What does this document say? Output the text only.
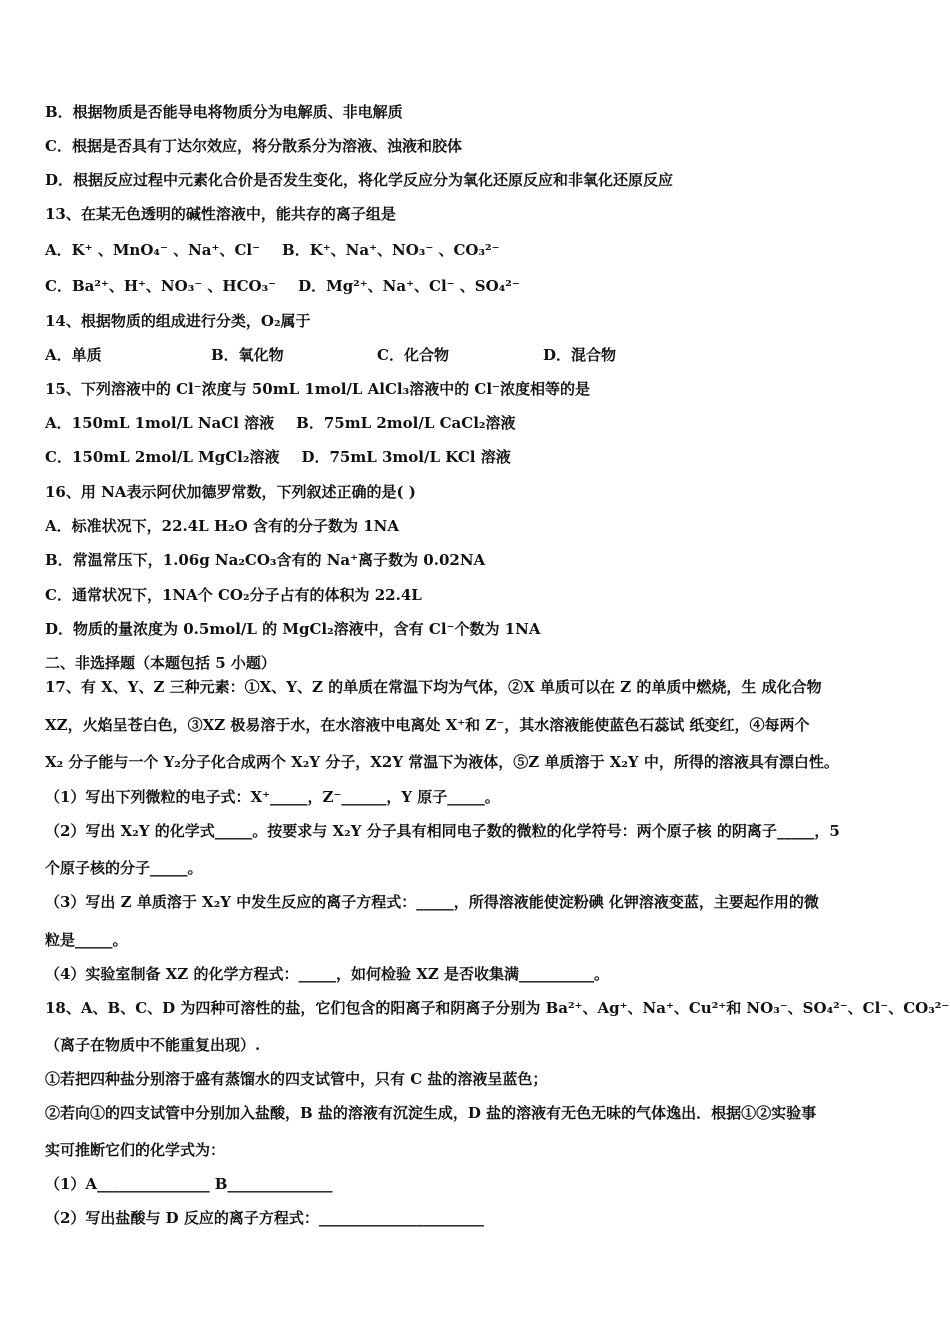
B．根据物质是否能导电将物质分为电解质、非电解质
C．根据是否具有丁达尔效应，将分散系分为溶液、浊液和胶体
D．根据反应过程中元素化合价是否发生变化，将化学反应分为氧化还原反应和非氧化还原反应
13、在某无色透明的碱性溶液中，能共存的离子组是
A．K⁺ 、MnO₄⁻ 、Na⁺、Cl⁻ B．K⁺、Na⁺、NO₃⁻ 、CO₃²⁻
C．Ba²⁺、H⁺、NO₃⁻ 、HCO₃⁻ D．Mg²⁺、Na⁺、Cl⁻ 、SO₄²⁻
14、根据物质的组成进行分类，O₂属于
A．单质	B．氧化物	C．化合物	D．混合物
15、下列溶液中的 Cl⁻浓度与 50mL 1mol/L AlCl₃溶液中的 Cl⁻浓度相等的是
A．150mL 1mol/L NaCl 溶液 B．75mL 2mol/L CaCl₂溶液
C．150mL 2mol/L MgCl₂溶液 D．75mL 3mol/L KCl 溶液
16、用 NA表示阿伏加德罗常数，下列叙述正确的是( )
A．标准状况下，22.4L H₂O 含有的分子数为 1NA
B．常温常压下，1.06g Na₂CO₃含有的 Na⁺离子数为 0.02NA
C．通常状况下，1NA个 CO₂分子占有的体积为 22.4L
D．物质的量浓度为 0.5mol/L 的 MgCl₂溶液中，含有 Cl⁻个数为 1NA
二、非选择题（本题包括 5 小题）
17、有 X、Y、Z 三种元素：①X、Y、Z 的单质在常温下均为气体，②X 单质可以在 Z 的单质中燃烧，生 成化合物
XZ，火焰呈苍白色，③XZ 极易溶于水，在水溶液中电离处 X⁺和 Z⁻，其水溶液能使蓝色石蕊试 纸变红，④每两个
X₂ 分子能与一个 Y₂分子化合成两个 X₂Y 分子，X2Y 常温下为液体，⑤Z 单质溶于 X₂Y 中，所得的溶液具有漂白性。
（1）写出下列微粒的电子式：X⁺_____，Z⁻______，Y 原子_____。
（2）写出 X₂Y 的化学式_____。按要求与 X₂Y 分子具有相同电子数的微粒的化学符号：两个原子核 的阴离子_____，5
个原子核的分子_____。
（3）写出 Z 单质溶于 X₂Y 中发生反应的离子方程式：_____，所得溶液能使淀粉碘 化钾溶液变蓝，主要起作用的微
粒是_____。
（4）实验室制备 XZ 的化学方程式：_____，如何检验 XZ 是否收集满__________。
18、A、B、C、D 为四种可溶性的盐，它们包含的阳离子和阴离子分别为 Ba²⁺、Ag⁺、Na⁺、Cu²⁺和 NO₃⁻、SO₄²⁻、Cl⁻、CO₃²⁻
（离子在物质中不能重复出现）.
①若把四种盐分别溶于盛有蒸馏水的四支试管中，只有 C 盐的溶液呈蓝色；
②若向①的四支试管中分别加入盐酸，B 盐的溶液有沉淀生成，D 盐的溶液有无色无味的气体逸出．根据①②实验事
实可推断它们的化学式为：
（1）A_______________ B______________
（2）写出盐酸与 D 反应的离子方程式：______________________
